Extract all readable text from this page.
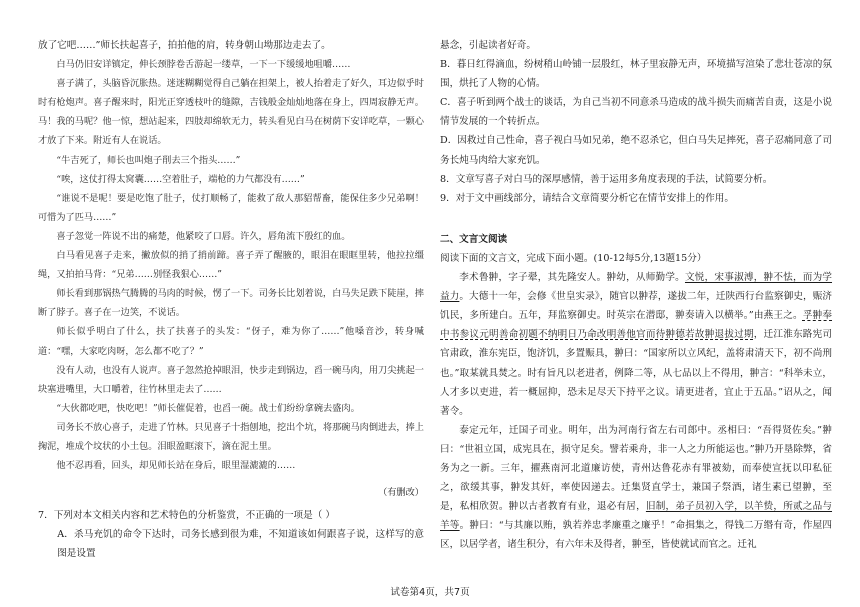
放了它吧……”师长扶起喜子，拍拍他的肩，转身朝山坳那边走去了。

白马仍旧安详镇定，伸长颈脖卷舌游起一缕草，一下一下缓缓地咀嚼……

喜子满了，头脑昏沉胀热。迷迷糊糊觉得自己躺在担架上，被人抬着走了好久，耳边似乎时时有枪炮声。喜子醒来时，阳光正穿透枝叶的缝隙，吉钱般金灿灿地落在身上，四周寂静无声。马！我的马呢？他一惊，想站起来，四肢却绵软无力，转头看见白马在树荫下安详吃草，一颗心才放了下来。附近有人在说话。

“牛吉死了，师长也叫炮子削去三个指头……”

“唉，这仗打得太窝囊……空着肚子，端枪的力气都没有……”

“谁说不是呢！要是吃饱了肚子，仗打顺畅了，能救了敌人那貂帮畜，能保住多少兄弟啊！可惜为了匹马……”

喜子忽觉一阵说不出的痛楚，他紧咬了口唇。许久，唇角流下殷红的血。

白马看见喜子走来，撇放似的捎了捎前蹄。喜子弄了醒腋的，眼泪在眼眶里转，他拉拉缰绳，又拍拍马背：“兄弟……别怪我狠心……”

师长看到那锅热气腾腾的马肉的时候，愣了一下。司务长比划着说，白马失足跌下陡崖，摔断了脖子。喜子在一边笑，不说话。

师长似乎明白了什么，扶了扶喜子的头发：“伢子，难为你了……”他嗓音沙，转身喊道：“嘿，大家吃肉呀，怎么都不吃了？”

没有人动，也没有人说声。喜子忽然抢掉眼泪，快步走到锅边，舀一碗马肉，用刀尖挑起一块塞进嘴里，大口嚼着，往竹林里走去了……

“大伙都吃吧，快吃吧！”师长催促着，也舀一碗。战士们纷纷拿碗去盛肉。

司务长不放心喜子，走进了竹林。只见喜子十指刨地，挖出个坑，将那碗马肉倒进去，捧上掬泥，堆成个坟状的小土包。泪眼盈眶滚下，滴在泥土里。

他不忍再看，回头，却见师长站在身后，眼里湿漉漉的……

（有删改）

7．下列对本文相关内容和艺术特色的分析鉴赏，不正确的一项是（ ）

A．杀马充饥的命令下达时，司务长感到很为难，不知道该如何跟喜子说，这样写的意图是设置

悬念，引起读者好奇。

B．暮日红得滴血，纷树稍山岭铺一层殷红，林子里寂静无声，环境描写渲染了悲壮苍凉的氛围，烘托了人物的心情。

C．喜子听到两个战士的谈话，为自己当初不同意杀马造成的战斗损失而痛苦自责，这是小说情节发展的一个转折点。

D．因救过自己性命，喜子视白马如兄弟，绝不忍杀它，但白马失足摔死，喜子忍痛同意了司务长炖马肉给大家充饥。

8．文章写喜子对白马的深厚感情，善于运用多角度表现的手法，试简要分析。

9．对于文中画线部分，请结合文章简要分析它在情节安排上的作用。

二、文言文阅读

阅读下面的文言文，完成下面小题。(10-12每5分,13题15分）

李术鲁翀，字子翚，其先隆安人。翀幼，从师勤学。文悦，宋事淑溥，翀不怯，而为学益力。大德十一年，会修《世皇实录》，随官以翀荐，遂拔二年，迁陕西行台监察御史，赈济饥民，多所建白。五年，拜监察御史。时英宗在潜邸，翀奏请入以横举。”由燕王之。孚翀奉中书参议元明善命初题不纳明日乃命改明善他官而待翀德若故翀退拔过期，迁江淮东路宪司官肃政，淮东宪臣，饱济饥，多置赈具，翀曰：“国家所以立风纪，盖将肃清天下，初不尚刑也。”取某就具焚之。时有旨凡以老进者，例降二等，从七品以上不得用，翀言：“科举未立，人才多以吏进，若一概屈抑，恐未足尽天下持平之议。请更进者，宜止于五品。”诏从之，闻著令。

泰定元年，迁国子司业。明年，出为河南行省左右司郎中。丞相曰：“吾得贤佐矣。”翀曰：“世祖立国，成宪具在，损守足矣。譬若乘舟，非一人之力所能运也。”翀乃开垦除弊，省务为之一新。三年，擢燕南河北道廉访使，青州达鲁花赤有罪被劾，而奉使宣抚以印私征之，欲缓其事，翀发其奸，率使因递去。迁集贤直学士，兼国子祭酒，诸生素已望翀，至是，私相欣贺。翀以古者教育有业，退必有居，旧制，弟子员初入学，以羊贽，所贰之品与羊等。翀曰：“与其廉以贿，孰若养忠孝廉重之廉乎！”命揖集之，得钱二万缗有奇，作屋四区，以居学者，诸生积分，有六年未及得者，翀至，皆使就试而官之。迁礼

试卷第4页，共7页
